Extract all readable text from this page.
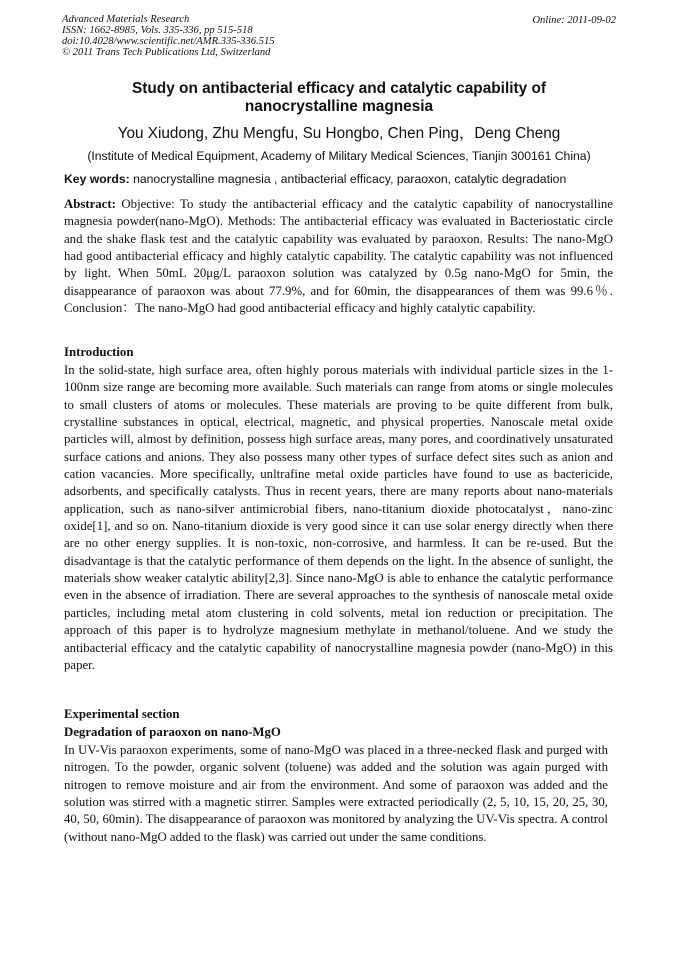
Advanced Materials Research
ISSN: 1662-8985, Vols. 335-336, pp 515-518
doi:10.4028/www.scientific.net/AMR.335-336.515
© 2011 Trans Tech Publications Ltd, Switzerland
Online: 2011-09-02
Study on antibacterial efficacy and catalytic capability of
nanocrystalline magnesia
You Xiudong, Zhu Mengfu, Su Hongbo, Chen Ping，Deng Cheng
(Institute of Medical Equipment, Academy of Military Medical Sciences, Tianjin 300161 China)
Key words: nanocrystalline magnesia , antibacterial efficacy, paraoxon, catalytic degradation
Abstract: Objective: To study the antibacterial efficacy and the catalytic capability of nanocrystalline magnesia powder(nano-MgO). Methods: The antibacterial efficacy was evaluated in Bacteriostatic circle and the shake flask test and the catalytic capability was evaluated by paraoxon. Results: The nano-MgO had good antibacterial efficacy and highly catalytic capability. The catalytic capability was not influenced by light. When 50mL 20μg/L paraoxon solution was catalyzed by 0.5g nano-MgO for 5min, the disappearance of paraoxon was about 77.9%, and for 60min, the disappearances of them was 99.6％. Conclusion：The nano-MgO had good antibacterial efficacy and highly catalytic capability.
Introduction
In the solid-state, high surface area, often highly porous materials with individual particle sizes in the 1-100nm size range are becoming more available. Such materials can range from atoms or single molecules to small clusters of atoms or molecules. These materials are proving to be quite different from bulk, crystalline substances in optical, electrical, magnetic, and physical properties. Nanoscale metal oxide particles will, almost by definition, possess high surface areas, many pores, and coordinatively unsaturated surface cations and anions. They also possess many other types of surface defect sites such as anion and cation vacancies. More specifically, unltrafine metal oxide particles have found to use as bactericide, adsorbents, and specifically catalysts. Thus in recent years, there are many reports about nano-materials application, such as nano-silver antimicrobial fibers, nano-titanium dioxide photocatalyst，nano-zinc oxide[1], and so on. Nano-titanium dioxide is very good since it can use solar energy directly when there are no other energy supplies. It is non-toxic, non-corrosive, and harmless. It can be re-used. But the disadvantage is that the catalytic performance of them depends on the light. In the absence of sunlight, the materials show weaker catalytic ability[2,3]. Since nano-MgO is able to enhance the catalytic performance even in the absence of irradiation. There are several approaches to the synthesis of nanoscale metal oxide particles, including metal atom clustering in cold solvents, metal ion reduction or precipitation. The approach of this paper is to hydrolyze magnesium methylate in methanol/toluene. And we study the antibacterial efficacy and the catalytic capability of nanocrystalline magnesia powder (nano-MgO) in this paper.
Experimental section
Degradation of paraoxon on nano-MgO
In UV-Vis paraoxon experiments, some of nano-MgO was placed in a three-necked flask and purged with nitrogen. To the powder, organic solvent (toluene) was added and the solution was again purged with nitrogen to remove moisture and air from the environment. And some of paraoxon was added and the solution was stirred with a magnetic stirrer. Samples were extracted periodically (2, 5, 10, 15, 20, 25, 30, 40, 50, 60min). The disappearance of paraoxon was monitored by analyzing the UV-Vis spectra. A control (without nano-MgO added to the flask) was carried out under the same conditions.
